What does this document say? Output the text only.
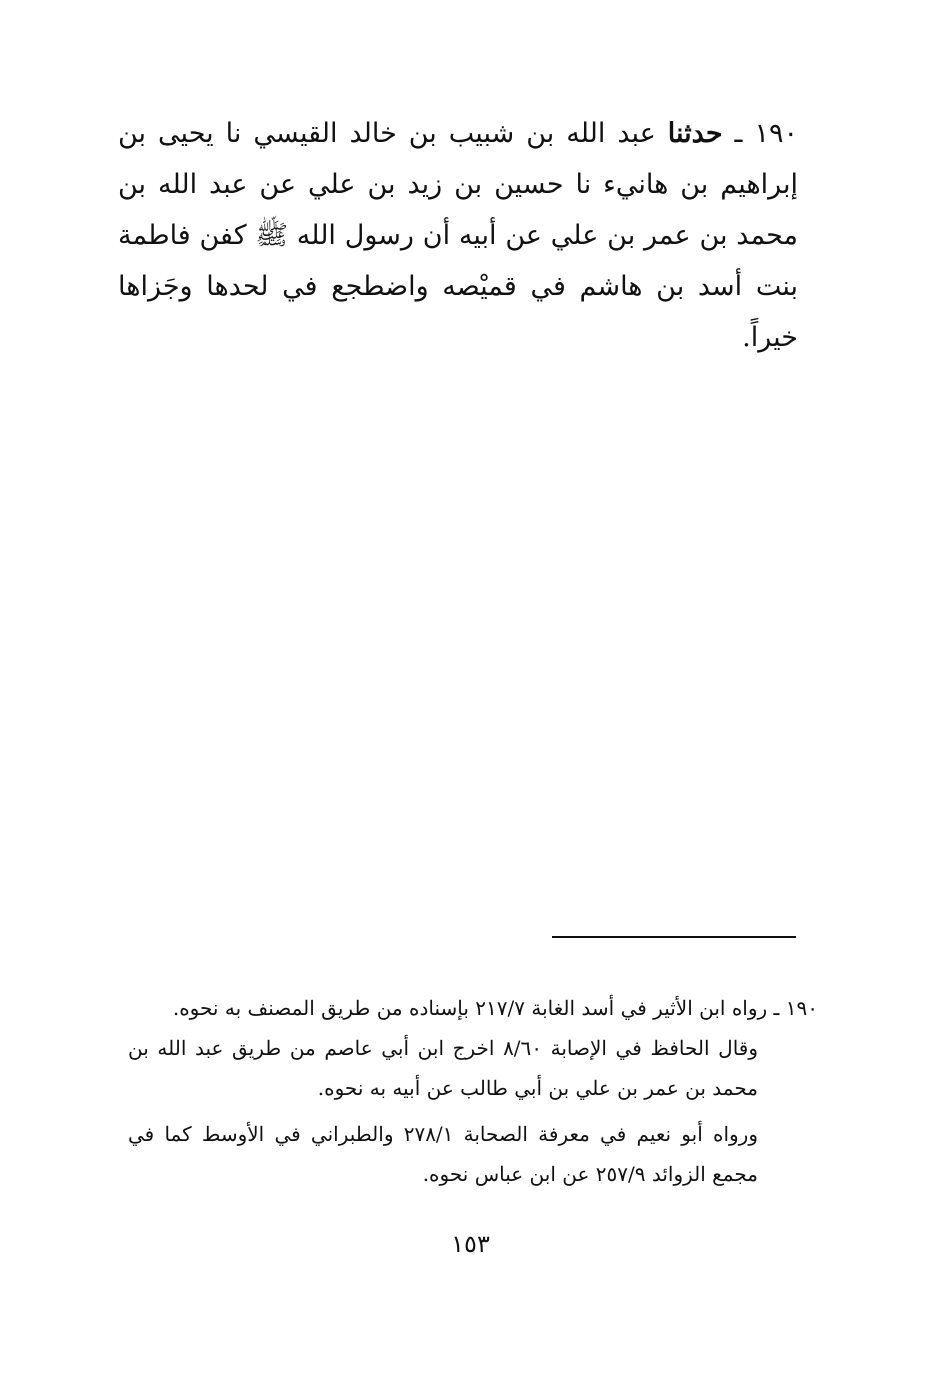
١٩٠ ـ حدثنا عبد الله بن شبيب بن خالد القيسي نا يحيى بن إبراهيم بن هانيء نا حسين بن زيد بن علي عن عبد الله بن محمد بن عمر بن علي عن أبيه أن رسول الله ﷺ كفن فاطمة بنت أسد بن هاشم في قميْصه واضطجع في لحدها وجَزاها خيراً.

١٩٠ ـ رواه ابن الأثير في أسد الغابة ٢١٧/٧ بإسناده من طريق المصنف به نحوه.

وقال الحافظ في الإصابة ٨/٦٠ اخرج ابن أبي عاصم من طريق عبد الله بن محمد بن عمر بن علي بن أبي طالب عن أبيه به نحوه.

ورواه أبو نعيم في معرفة الصحابة ٢٧٨/١ والطبراني في الأوسط كما في مجمع الزوائد ٢٥٧/٩ عن ابن عباس نحوه.

١٥٣
